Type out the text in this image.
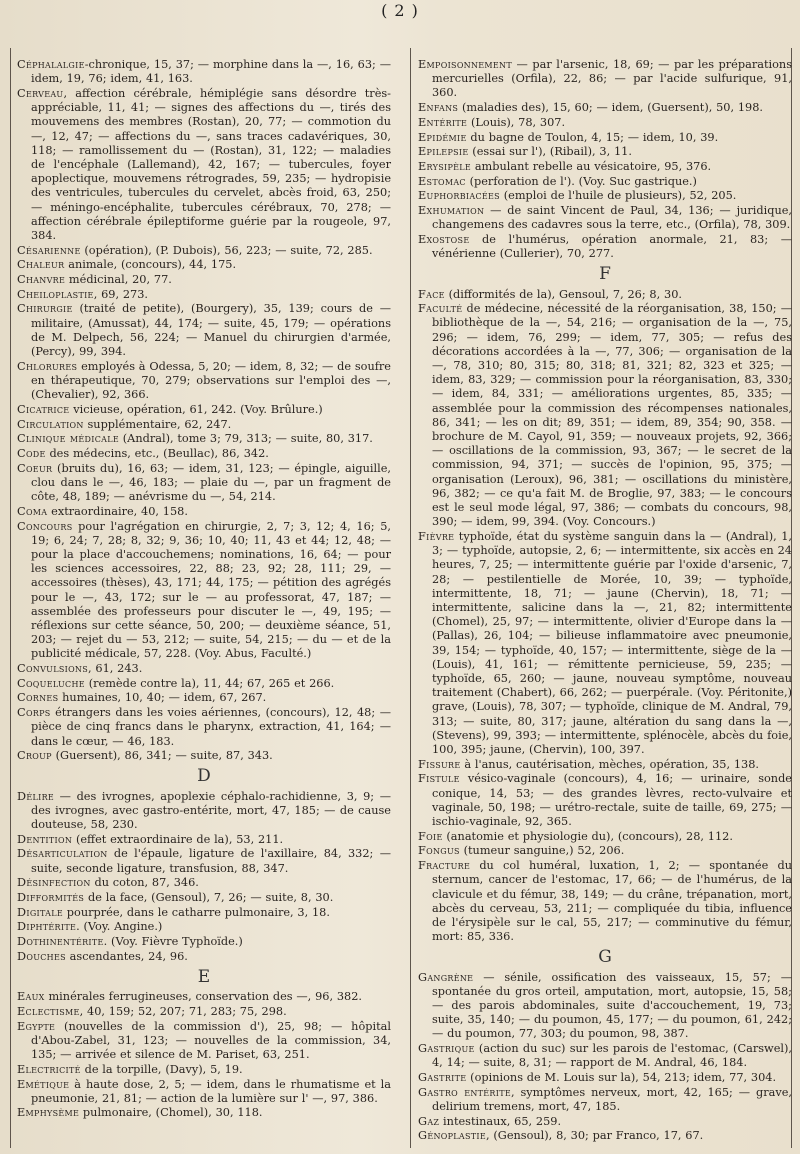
( 2 )
Céphalalgie-chronique, 15, 37; — morphine dans la —, 16, 63; — idem, 19, 76; idem, 41, 163.
Cerveau, affection cérébrale, hémiplégie sans désordre très-appréciable, 11, 41; — signes des affections du —, tirés des mouvemens des membres (Rostan), 20, 77; — commotion du —, 12, 47; — affections du —, sans traces cadavériques, 30, 118; — ramollissement du — (Rostan), 31, 122; — maladies de l'encéphale (Lallemand), 42, 167; — tubercules, foyer apoplectique, mouvemens rétrogrades, 59, 235; — hydropisie des ventricules, tubercules du cervelet, abcès froid, 63, 250; — méningo-encéphalite, tubercules cérébraux, 70, 278; — affection cérébrale épileptiforme guérie par la rougeole, 97, 384.
Césarienne (opération), (P. Dubois), 56, 223; — suite, 72, 285.
Chaleur animale, (concours), 44, 175.
Chanvre médicinal, 20, 77.
Cheiloplastie, 69, 273.
Chirurgie (traité de petite), (Bourgery), 35, 139; cours de — militaire, (Amussat), 44, 174; — suite, 45, 179; — opérations de M. Delpech, 56, 224; — Manuel du chirurgien d'armée, (Percy), 99, 394.
Chlorures employés à Odessa, 5, 20; — idem, 8, 32; — de soufre en thérapeutique, 70, 279; observations sur l'emploi des —, (Chevalier), 92, 366.
Cicatrice vicieuse, opération, 61, 242. (Voy. Brûlure.)
Circulation supplémentaire, 62, 247.
Clinique médicale (Andral), tome 3; 79, 313; — suite, 80, 317.
Code des médecins, etc., (Beullac), 86, 342.
Coeur (bruits du), 16, 63; — idem, 31, 123; — épingle, aiguille, clou dans le —, 46, 183; — plaie du —, par un fragment de côte, 48, 189; — anévrisme du —, 54, 214.
Coma extraordinaire, 40, 158.
Concours pour l'agrégation en chirurgie, 2, 7; 3, 12; 4, 16; 5, 19; 6, 24; 7, 28; 8, 32; 9, 36; 10, 40; 11, 43 et 44; 12, 48; — pour la place d'accouchemens; nominations, 16, 64; — pour les sciences accessoires, 22, 88; 23, 92; 28, 111; 29, — accessoires (thèses), 43, 171; 44, 175; — pétition des agrégés pour le —, 43, 172; sur le — au professorat, 47, 187; — assemblée des professeurs pour discuter le —, 49, 195; — réflexions sur cette séance, 50, 200; — deuxième séance, 51, 203; — rejet du — 53, 212; — suite, 54, 215; — du — et de la publicité médicale, 57, 228. (Voy. Abus, Faculté.)
Convulsions, 61, 243.
Coqueluche (remède contre la), 11, 44; 67, 265 et 266.
Cornes humaines, 10, 40; — idem, 67, 267.
Corps étrangers dans les voies aériennes, (concours), 12, 48; — pièce de cinq francs dans le pharynx, extraction, 41, 164; — dans le cœur, — 46, 183.
Croup (Guersent), 86, 341; — suite, 87, 343.
D
Délire — des ivrognes, apoplexie céphalo-rachidienne, 3, 9; — des ivrognes, avec gastro-entérite, mort, 47, 185; — de cause douteuse, 58, 230.
Dentition (effet extraordinaire de la), 53, 211.
Désarticulation de l'épaule, ligature de l'axillaire, 84, 332; — suite, seconde ligature, transfusion, 88, 347.
Désinfection du coton, 87, 346.
Difformités de la face, (Gensoul), 7, 26; — suite, 8, 30.
Digitale pourprée, dans le catharre pulmonaire, 3, 18.
Diphtérite. (Voy. Angine.)
Dothinentérite. (Voy. Fièvre Typhoïde.)
Douches ascendantes, 24, 96.
E
Eaux minérales ferrugineuses, conservation des —, 96, 382.
Eclectisme, 40, 159; 52, 207; 71, 283; 75, 298.
Egypte (nouvelles de la commission d'), 25, 98; — hôpital d'Abou-Zabel, 31, 123; — nouvelles de la commission, 34, 135; — arrivée et silence de M. Pariset, 63, 251.
Electricité de la torpille, (Davy), 5, 19.
Emétique à haute dose, 2, 5; — idem, dans le rhumatisme et la pneumonie, 21, 81; — action de la lumière sur l' —, 97, 386.
Emphysème pulmonaire, (Chomel), 30, 118.
Empoisonnement — par l'arsenic, 18, 69; — par les préparations mercurielles (Orfila), 22, 86; — par l'acide sulfurique, 91, 360.
Enfans (maladies des), 15, 60; — idem, (Guersent), 50, 198.
Entérite (Louis), 78, 307.
Epidémie du bagne de Toulon, 4, 15; — idem, 10, 39.
Epilepsie (essai sur l'), (Ribail), 3, 11.
Erysipèle ambulant rebelle au vésicatoire, 95, 376.
Estomac (perforation de l'). (Voy. Suc gastrique.)
Euphorbiacées (emploi de l'huile de plusieurs), 52, 205.
Exhumation — de saint Vincent de Paul, 34, 136; — juridique, changemens des cadavres sous la terre, etc., (Orfila), 78, 309.
Exostose de l'humérus, opération anormale, 21, 83; — vénérienne (Cullerier), 70, 277.
F
Face (difformités de la), Gensoul, 7, 26; 8, 30.
Faculté de médecine, nécessité de la réorganisation, 38, 150; — bibliothèque de la —, 54, 216; — organisation de la —, 75, 296; — idem, 76, 299; — idem, 77, 305; — refus des décorations accordées à la —, 77, 306; — organisation de la —, 78, 310; 80, 315; 80, 318; 81, 321; 82, 323 et 325; — idem, 83, 329; — commission pour la réorganisation, 83, 330; — idem, 84, 331; — améliorations urgentes, 85, 335; — assemblée pour la commission des récompenses nationales, 86, 341; — les on dit; 89, 351; — idem, 89, 354; 90, 358. — brochure de M. Cayol, 91, 359; — nouveaux projets, 92, 366; — oscillations de la commission, 93, 367; — le secret de la commission, 94, 371; — succès de l'opinion, 95, 375; — organisation (Leroux), 96, 381; — oscillations du ministère, 96, 382; — ce qu'a fait M. de Broglie, 97, 383; — le concours est le seul mode légal, 97, 386; — combats du concours, 98, 390; — idem, 99, 394. (Voy. Concours.)
Fièvre typhoïde, état du système sanguin dans la — (Andral), 1, 3; — typhoïde, autopsie, 2, 6; — intermittente, six accès en 24 heures, 7, 25; — intermittente guérie par l'oxide d'arsenic, 7, 28; — pestilentielle de Morée, 10, 39; — typhoïde, intermittente, 18, 71; — jaune (Chervin), 18, 71; — intermittente, salicine dans la —, 21, 82; intermittente (Chomel), 25, 97; — intermittente, olivier d'Europe dans la — (Pallas), 26, 104; — bilieuse inflammatoire avec pneumonie, 39, 154; — typhoïde, 40, 157; — intermittente, siège de la — (Louis), 41, 161; — rémittente pernicieuse, 59, 235; — typhoïde, 65, 260; — jaune, nouveau symptôme, nouveau traitement (Chabert), 66, 262; — puerpérale. (Voy. Péritonite,) grave, (Louis), 78, 307; — typhoïde, clinique de M. Andral, 79, 313; — suite, 80, 317; jaune, altération du sang dans la —, (Stevens), 99, 393; — intermittente, splénocèle, abcès du foie, 100, 395; jaune, (Chervin), 100, 397.
Fissure à l'anus, cautérisation, mèches, opération, 35, 138.
Fistule vésico-vaginale (concours), 4, 16; — urinaire, sonde conique, 14, 53; — des grandes lèvres, recto-vulvaire et vaginale, 50, 198; — urétro-rectale, suite de taille, 69, 275; — ischio-vaginale, 92, 365.
Foie (anatomie et physiologie du), (concours), 28, 112.
Fongus (tumeur sanguine,) 52, 206.
Fracture du col huméral, luxation, 1, 2; — spontanée du sternum, cancer de l'estomac, 17, 66; — de l'humérus, de la clavicule et du fémur, 38, 149; — du crâne, trépanation, mort, abcès du cerveau, 53, 211; — compliquée du tibia, influence de l'érysipèle sur le cal, 55, 217; — comminutive du fémur, mort: 85, 336.
G
Gangrène — sénile, ossification des vaisseaux, 15, 57; — spontanée du gros orteil, amputation, mort, autopsie, 15, 58; — des parois abdominales, suite d'accouchement, 19, 73; suite, 35, 140; — du poumon, 45, 177; — du poumon, 61, 242; — du poumon, 77, 303; du poumon, 98, 387.
Gastrique (action du suc) sur les parois de l'estomac, (Carswel), 4, 14; — suite, 8, 31; — rapport de M. Andral, 46, 184.
Gastrite (opinions de M. Louis sur la), 54, 213; idem, 77, 304.
Gastro entérite, symptômes nerveux, mort, 42, 165; — grave, delirium tremens, mort, 47, 185.
Gaz intestinaux, 65, 259.
Génoplastie, (Gensoul), 8, 30; par Franco, 17, 67.
